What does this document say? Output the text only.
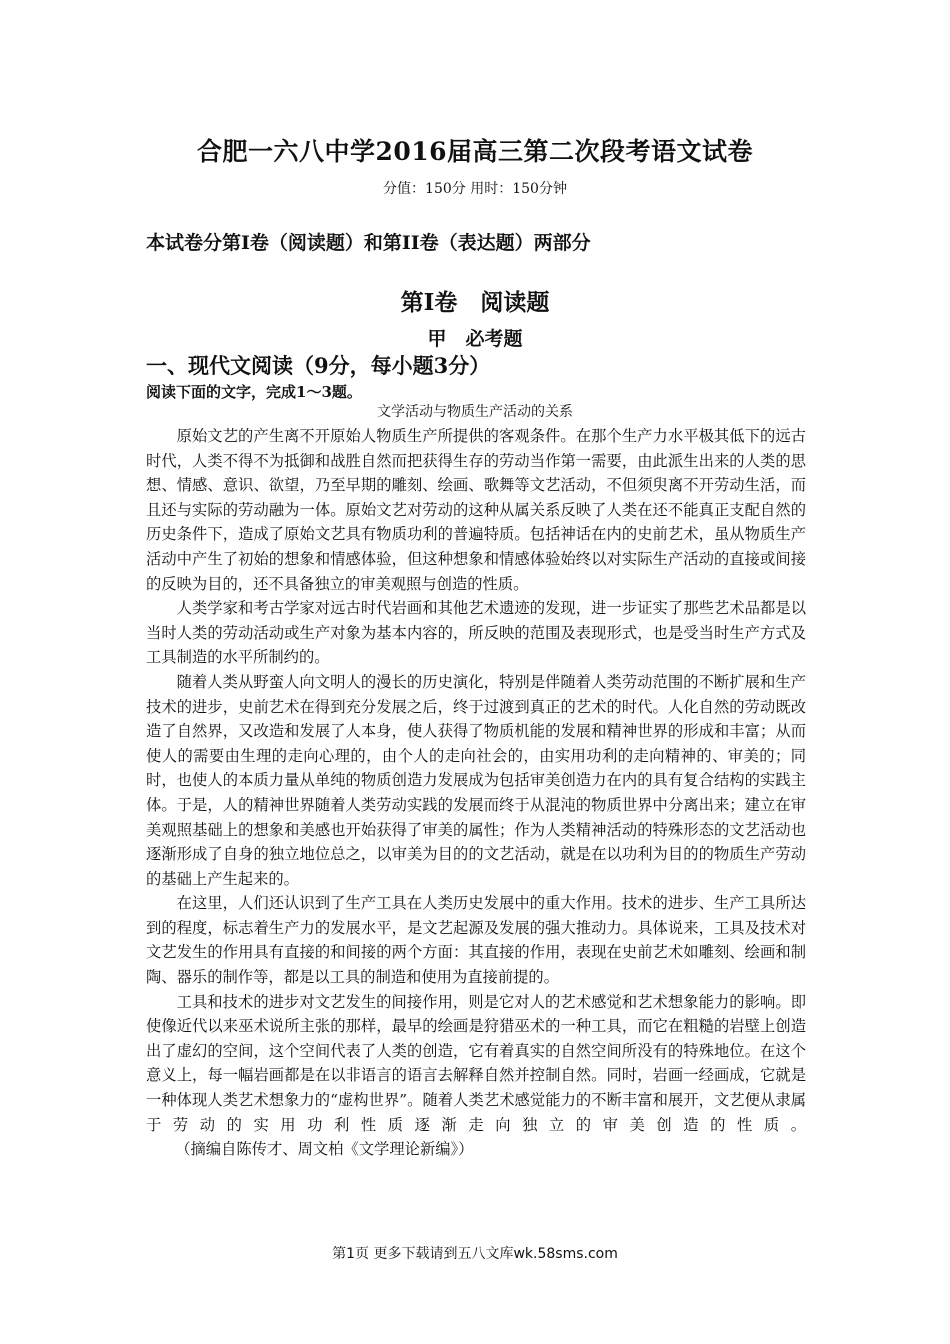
合肥一六八中学2016届高三第二次段考语文试卷
分值：150分 用时：150分钟
本试卷分第I卷（阅读题）和第II卷（表达题）两部分
第I卷　阅读题
甲　必考题
一、现代文阅读（9分，每小题3分）
阅读下面的文字，完成1～3题。
文学活动与物质生产活动的关系

原始文艺的产生离不开原始人物质生产所提供的客观条件。在那个生产力水平极其低下的远古时代，人类不得不为抵御和战胜自然而把获得生存的劳动当作第一需要，由此派生出来的人类的思想、情感、意识、欲望，乃至早期的雕刻、绘画、歌舞等文艺活动，不但须臾离不开劳动生活，而且还与实际的劳动融为一体。原始文艺对劳动的这种从属关系反映了人类在还不能真正支配自然的历史条件下，造成了原始文艺具有物质功利的普遍特质。包括神话在内的史前艺术，虽从物质生产活动中产生了初始的想象和情感体验，但这种想象和情感体验始终以对实际生产活动的直接或间接的反映为目的，还不具备独立的审美观照与创造的性质。

人类学家和考古学家对远古时代岩画和其他艺术遗迹的发现，进一步证实了那些艺术品都是以当时人类的劳动活动或生产对象为基本内容的，所反映的范围及表现形式，也是受当时生产方式及工具制造的水平所制约的。

随着人类从野蛮人向文明人的漫长的历史演化，特别是伴随着人类劳动范围的不断扩展和生产技术的进步，史前艺术在得到充分发展之后，终于过渡到真正的艺术的时代。人化自然的劳动既改造了自然界，又改造和发展了人本身，使人获得了物质机能的发展和精神世界的形成和丰富；从而使人的需要由生理的走向心理的，由个人的走向社会的，由实用功利的走向精神的、审美的；同时，也使人的本质力量从单纯的物质创造力发展成为包括审美创造力在内的具有复合结构的实践主体。于是，人的精神世界随着人类劳动实践的发展而终于从混沌的物质世界中分离出来；建立在审美观照基础上的想象和美感也开始获得了审美的属性；作为人类精神活动的特殊形态的文艺活动也逐渐形成了自身的独立地位总之，以审美为目的的文艺活动，就是在以功利为目的的物质生产劳动的基础上产生起来的。

在这里，人们还认识到了生产工具在人类历史发展中的重大作用。技术的进步、生产工具所达到的程度，标志着生产力的发展水平，是文艺起源及发展的强大推动力。具体说来，工具及技术对文艺发生的作用具有直接的和间接的两个方面：其直接的作用，表现在史前艺术如雕刻、绘画和制陶、器乐的制作等，都是以工具的制造和使用为直接前提的。

工具和技术的进步对文艺发生的间接作用，则是它对人的艺术感觉和艺术想象能力的影响。即使像近代以来巫术说所主张的那样，最早的绘画是狩猎巫术的一种工具，而它在粗糙的岩壁上创造出了虚幻的空间，这个空间代表了人类的创造，它有着真实的自然空间所没有的特殊地位。在这个意义上，每一幅岩画都是在以非语言的语言去解释自然并控制自然。同时，岩画一经画成，它就是一种体现人类艺术想象力的“虚构世界”。随着人类艺术感觉能力的不断丰富和展开，文艺便从隶属于劳动的实用功利性质逐渐走向独立的审美创造的性质。      （摘编自陈传才、周文柏《文学理论新编》）

第1页 更多下载请到五八文库wk.58sms.com
